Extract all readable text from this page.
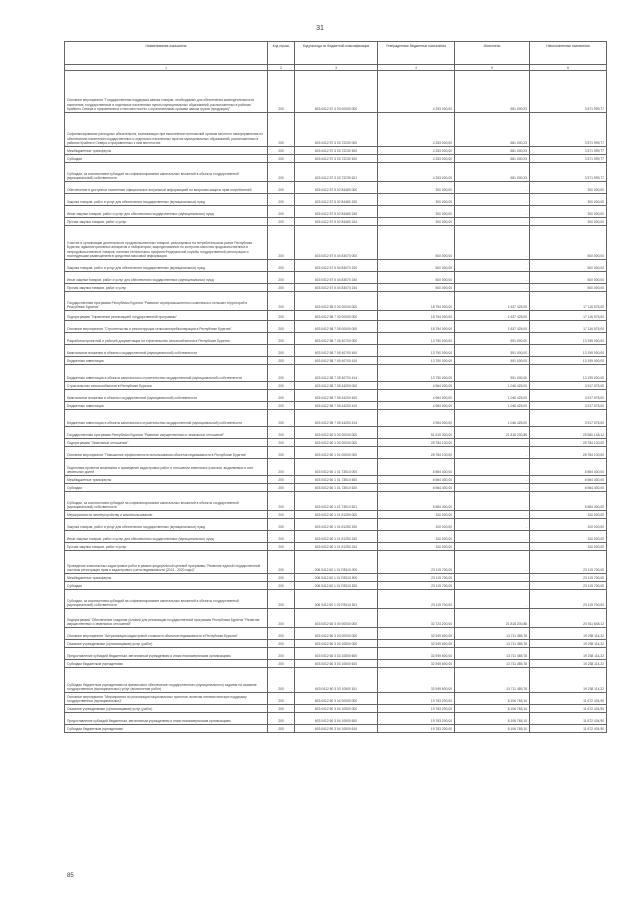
31
Наименование показателя	Код строки	Код расхода по бюджетной классификации	Утвержденные бюджетные назначения	Исполнено	Неисполненные назначения
1	2	3	4	5	6
Основное мероприятие "Государственная поддержка завоза товаров, необходимых для обеспечения жизнедеятельности населения, государственные и отдельные населенные пункты муниципальных образований, расположенных в районах Крайнего Севера и приравненных к ним местностях с ограниченными сроками завоза грузов (продукции)"	200	603 0412 57 3 03 00000 000	4 253 000,00	681 000,23	3 571 999,77
Софинансирование расходных обязательств, возникающих при выполнении полномочий органов местного самоуправления по обеспечению населения государственных и отдельных населенных пунктах муниципальных образований, расположенных в районах Крайнего Севера и приравненных к ним местностях	200	603 0412 57 3 03 72230 000	4 253 000,00	681 000,23	3 571 999,77
Межбюджетные трансферты	200	603 0412 57 3 03 72230 500	4 253 000,00	681 000,23	3 571 999,77
Субсидии	200	603 0412 57 3 03 72230 520	4 253 000,00	681 000,23	3 571 999,77
Субсидии, за исключением субсидий на софинансирование капитальных вложений в объекты государственной (муниципальной) собственности	200	603 0412 57 3 03 72230 521	4 253 000,00	681 000,23	3 571 999,77
Обеспечение в доступных населению официальных актуальной информацией по вопросам защиты прав потребителей	200	603 0412 57 5 02 84480 000	300 000,00	-	300 000,00
Закупка товаров, работ и услуг для обеспечения государственных (муниципальных) нужд	200	603 0412 57 5 02 84480 200	300 000,00	-	300 000,00
Иные закупки товаров, работ и услуг для обеспечения государственных (муниципальных) нужд	200	603 0412 57 5 02 84480 240	300 000,00	-	300 000,00
Прочая закупка товаров, работ и услуг	200	603 0412 57 5 02 84480 244	300 000,00	-	300 000,00
Участие в организации деятельности продовольственных товаров, реализуемых на потребительском рынке Республики Бурятия, административных аппаратов и лаборатории, аккредитованных по контролю качества продовольственных и непродовольственных товаров, наличия технического профиля Федеральной службы государственной регистрации и последующим размещением в средствах массовой информации	200	603 0412 57 5 04 83070 000	500 000,00	-	500 000,00
Закупка товаров, работ и услуг для обеспечения государственных (муниципальных) нужд	200	603 0412 57 5 04 83070 200	500 000,00	-	500 000,00
Иные закупки товаров, работ и услуг для обеспечения государственных (муниципальных) нужд	200	603 0412 57 5 04 83070 240	500 000,00	-	500 000,00
Прочая закупка товаров, работ и услуг	200	603 0412 57 5 04 83070 244	500 000,00	-	500 000,00
Государственная программа Республики Бурятия "Развитие агропромышленного комплекса и сельских территорий в Республике Бурятия"	200	603 0412 58 0 00 00000 000	18 754 000,00	1 637 425,00	17 116 575,00
Подпрограмма "Управление реализацией государственной программы"	200	603 0412 58 7 00 00000 000	18 754 000,00	1 637 425,00	17 116 575,00
Основное мероприятие "Строительство и реконструкция сельхозпотребкооперации в Республике Бурятия"	200	603 0412 58 7 05 00000 000	18 754 000,00	1 637 425,00	17 116 575,00
Разработка проектной и рабочей документации на строительство сельхозобъектов в Республике Бурятия	200	603 0412 58 7 05 40700 000	13 790 000,00	591 000,00	13 199 000,00
Капитальные вложения в объекты государственной (муниципальной) собственности	200	603 0412 58 7 05 40700 400	13 790 000,00	591 000,00	13 199 000,00
Бюджетные инвестиции	200	603 0412 58 7 05 40700 410	13 790 000,00	591 000,00	13 199 000,00
Бюджетные инвестиции в объекты капитального строительства государственной (муниципальной) собственности	200	603 0412 58 7 05 40700 414	13 790 000,00	591 000,00	13 199 000,00
Строительство сельхозобъектов в Республике Бурятия	200	603 0412 58 7 05 44200 000	4 964 000,00	1 046 425,00	3 917 575,00
Капитальные вложения в объекты государственной (муниципальной) собственности	200	603 0412 58 7 05 44200 400	4 964 000,00	1 046 425,00	3 917 575,00
Бюджетные инвестиции	200	603 0412 58 7 05 44200 410	4 964 000,00	1 046 425,00	3 917 575,00
Бюджетные инвестиции в объекты капитального строительства государственной (муниципальной) собственности	200	603 0412 58 7 05 44200 414	4 964 000,00	1 046 425,00	3 917 575,00
Государственная программа Республики Бурятия "Развитие имущественных и земельных отношений"	200	603 0412 60 0 00 00000 000	51 519 300,00	21 818 200,88	29 560 148,12
Подпрограмма "Земельные отношения"	200	603 0412 60 1 00 00000 000	28 784 100,00	-	28 784 100,00
Основное мероприятие "Повышение эффективности использования объектов недвижимости в Республике Бурятия"	200	603 0412 60 1 01 00000 000	28 784 100,00	-	28 784 100,00
Подготовка проектов межевания и проведение кадастровых работ в отношении земельных участков, выделяемых в счет земельных долей	200	603 0412 60 1 01 73510 000	5 564 400,00	-	5 564 400,00
Межбюджетные трансферты	200	603 0412 60 1 01 73510 500	5 564 400,00	-	5 564 400,00
Субсидии	200	603 0412 60 1 01 73510 520	5 564 400,00	-	5 564 400,00
Субсидии, за исключением субсидий на софинансирование капитальных вложений в объекты государственной (муниципальной) собственности	200	603 0412 60 1 01 73510 521	5 564 400,00	-	5 564 400,00
Мероприятия по землеустройству и землепользованию	200	603 0412 60 1 01 81250 000	100 000,00	-	100 000,00
Закупка товаров, работ и услуг для обеспечения государственных (муниципальных) нужд	200	603 0412 60 1 01 81250 200	100 000,00	-	100 000,00
Иные закупки товаров, работ и услуг для обеспечения государственных (муниципальных) нужд	200	603 0412 60 1 01 81250 240	100 000,00	-	100 000,00
Прочая закупка товаров, работ и услуг	200	603 0412 60 1 01 81250 244	100 000,00	-	100 000,00
Проведение комплексных кадастровых работ в рамках федеральной целевой программы "Развитие единой государственной системы регистрации прав и кадастрового учета недвижимости (2014 - 2020 годы)"	200	006 0412 60 1 01 R5110 000	23 119 700,00	-	23 119 700,00
Межбюджетные трансферты	200	006 0412 60 1 01 R5110 500	23 119 700,00	-	23 119 700,00
Субсидии	200	006 0412 60 1 01 R5110 520	23 119 700,00	-	23 119 700,00
Субсидии, за исключением субсидий на софинансирование капитальных вложений в объекты государственной (муниципальной) собственности	200	006 0412 60 1 01 R5110 521	23 119 700,00	-	23 119 700,00
Подпрограмма "Обеспечение создания условий для реализации государственной программы Республики Бурятия "Развитие имущественных и земельных отношений"	200	603 0412 60 3 00 00000 000	32 724 200,00	21 818 200,88	20 911 648,12
Основное мероприятие "Актуализация кадастровой стоимости объектов недвижимости в Республике Бурятия"	200	603 0412 60 3 03 00000 000	32 949 600,00	13 711 485,78	19 238 114,22
Оказание учреждениями (организациями) услуг (работ)	200	603 0412 60 3 03 10500 000	32 949 600,00	13 711 485,78	19 238 114,22
Предоставление субсидий бюджетным, автономным учреждениям и иным некоммерческим организациям	200	603 0412 60 3 03 10500 600	32 949 600,00	13 711 485,78	19 238 114,22
Субсидии бюджетным учреждениям	200	603 0412 60 3 03 10500 610	32 949 600,00	13 711 485,78	19 238 114,22
Субсидии бюджетным учреждениям на финансовое обеспечение государственного (муниципального) задания на оказание государственных (муниципальных) услуг (выполнение работ)	200	603 0412 60 3 03 10500 611	32 949 600,00	13 711 485,78	19 238 114,22
Основное мероприятие "Мероприятия по реализации национальных проектов, включая лингвистическую поддержку государственных (муниципальных)"	200	603 0412 60 3 04 00000 000	19 783 200,00	8 106 765,10	11 672 434,90
Оказание учреждениями (организациями) услуг (работ)	200	603 0412 60 3 04 10500 000	19 783 200,00	8 106 765,10	11 672 434,90
Предоставление субсидий бюджетным, автономным учреждениям и иным некоммерческим организациям	200	603 0412 60 3 04 10500 600	19 783 200,00	8 106 765,10	11 672 434,90
Субсидии бюджетным учреждениям	200	603 0412 60 3 04 10500 610	19 783 200,00	8 106 765,10	11 672 434,90
85
